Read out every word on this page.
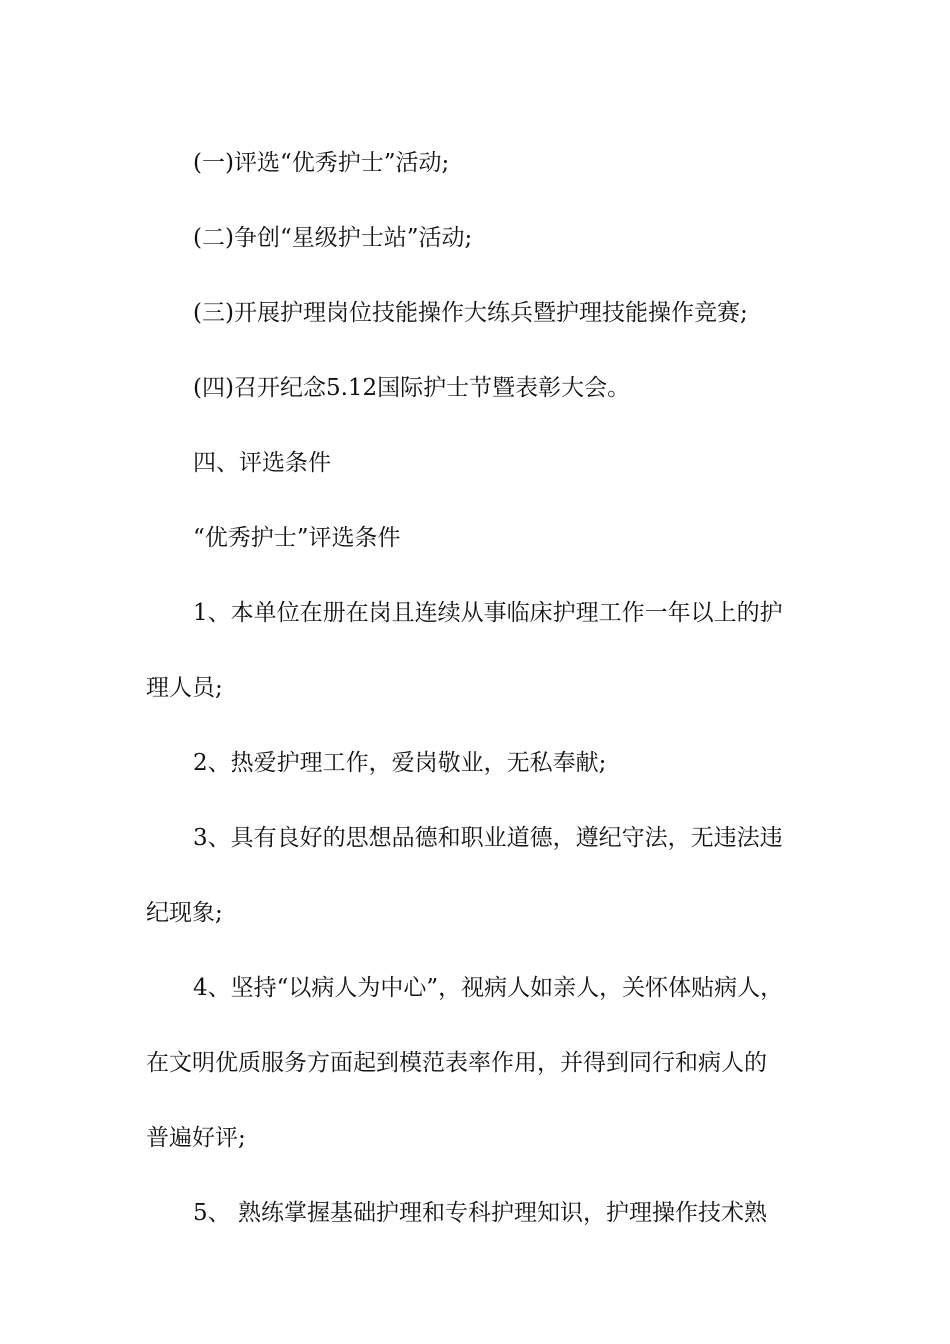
(一)评选“优秀护士”活动;
(二)争创“星级护士站”活动;
(三)开展护理岗位技能操作大练兵暨护理技能操作竞赛;
(四)召开纪念5.12国际护士节暨表彰大会。
四、评选条件
“优秀护士”评选条件
1、本单位在册在岗且连续从事临床护理工作一年以上的护
理人员;
2、热爱护理工作，爱岗敬业，无私奉献;
3、具有良好的思想品德和职业道德，遵纪守法，无违法违
纪现象;
4、坚持“以病人为中心”，视病人如亲人，关怀体贴病人，
在文明优质服务方面起到模范表率作用，并得到同行和病人的
普遍好评;
5、 熟练掌握基础护理和专科护理知识，护理操作技术熟
